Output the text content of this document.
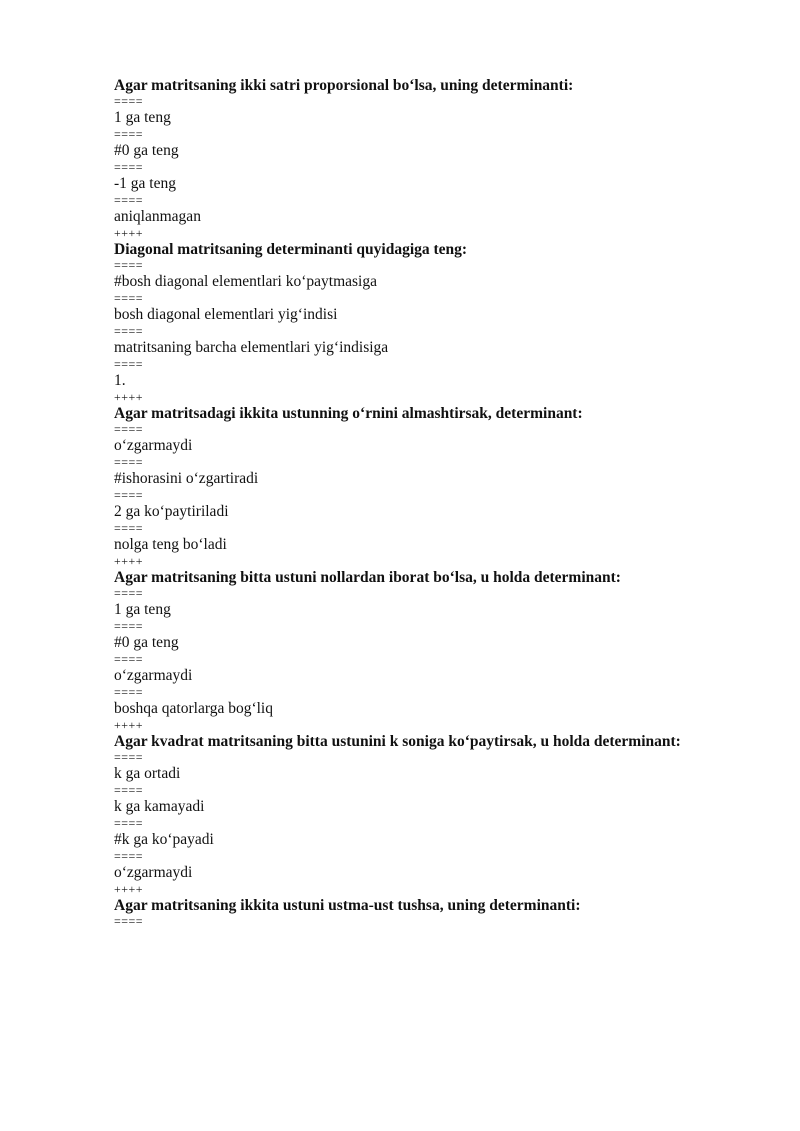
Agar matritsaning ikki satri proporsional bo‘lsa, uning determinanti:
====
1 ga teng
====
#0 ga teng
====
-1 ga teng
====
aniqlanmagan
++++
Diagonal matritsaning determinanti quyidagiga teng:
====
#bosh diagonal elementlari ko‘paytmasiga
====
bosh diagonal elementlari yig‘indisi
====
matritsaning barcha elementlari yig‘indisiga
====
1.
++++
Agar matritsadagi ikkita ustunning o‘rnini almashtirsak, determinant:
====
o‘zgarmaydi
====
#ishorasini o‘zgartiradi
====
2 ga ko‘paytiriladi
====
nolga teng bo‘ladi
++++
Agar matritsaning bitta ustuni nollardan iborat bo‘lsa, u holda determinant:
====
1 ga teng
====
#0 ga teng
====
o‘zgarmaydi
====
boshqa qatorlarga bog‘liq
++++
Agar kvadrat matritsaning bitta ustunini k soniga ko‘paytirsak, u holda determinant:
====
k ga ortadi
====
k ga kamayadi
====
#k ga ko‘payadi
====
o‘zgarmaydi
++++
Agar matritsaning ikkita ustuni ustma-ust tushsa, uning determinanti:
====
